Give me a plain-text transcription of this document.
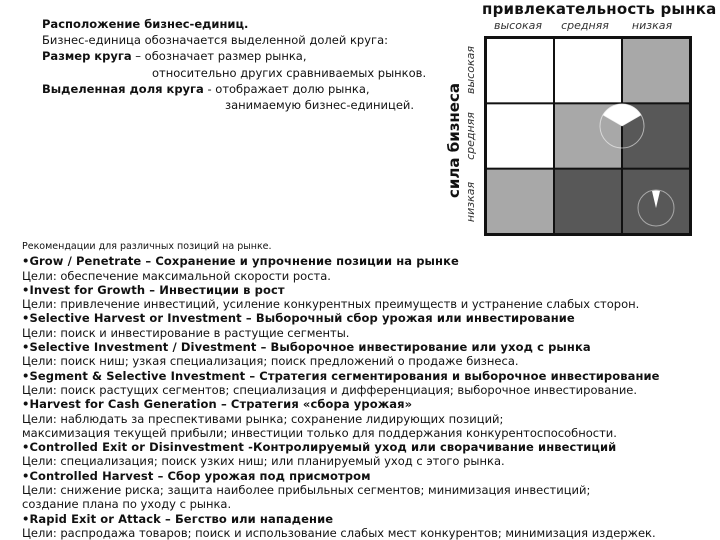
Расположение бизнес-единиц.
Бизнес-единица обозначается выделенной долей круга:
Размер круга – обозначает размер рынка,
относительно других сравниваемых рынков.
Выделенная доля круга - отображает долю рынка,
занимаемую бизнес-единицей.
привлекательность рынка
высокая	средняя	низкая
сила бизнеса
высокая
средняя
низкая
Рекомендации для различных позиций на рынке.
•Grow / Penetrate – Сохранение и упрочнение позиции на рынке
Цели: обеспечение максимальной скорости роста.
•Invest for Growth – Инвестиции в рост
Цели: привлечение инвестиций, усиление конкурентных преимуществ и устранение слабых сторон.
•Selective Harvest or Investment – Выборочный сбор урожая или инвестирование
Цели: поиск и инвестирование в растущие сегменты.
•Selective Investment / Divestment – Выборочное инвестирование или уход с рынка
Цели: поиск ниш; узкая специализация; поиск предложений о продаже бизнеса.
•Segment & Selective Investment – Стратегия сегментирования и выборочное инвестирование
Цели: поиск растущих сегментов; специализация и дифференциация; выборочное инвестирование.
•Harvest for Cash Generation – Стратегия «сбора урожая»
Цели: наблюдать за преспективами рынка; сохранение лидирующих позиций;
максимизация текущей прибыли; инвестиции только для поддержания конкурентоспособности.
•Controlled Exit or Disinvestment -Контролируемый уход или сворачивание инвестиций
Цели: специализация; поиск узких ниш; или планируемый уход с этого рынка.
•Controlled Harvest – Сбор урожая под присмотром
Цели: снижение риска; защита наиболее прибыльных сегментов; минимизация инвестиций;
создание плана по уходу с рынка.
•Rapid Exit or Attack – Бегство или нападение
Цели: распродажа товаров; поиск и использование слабых мест конкурентов; минимизация издержек.
